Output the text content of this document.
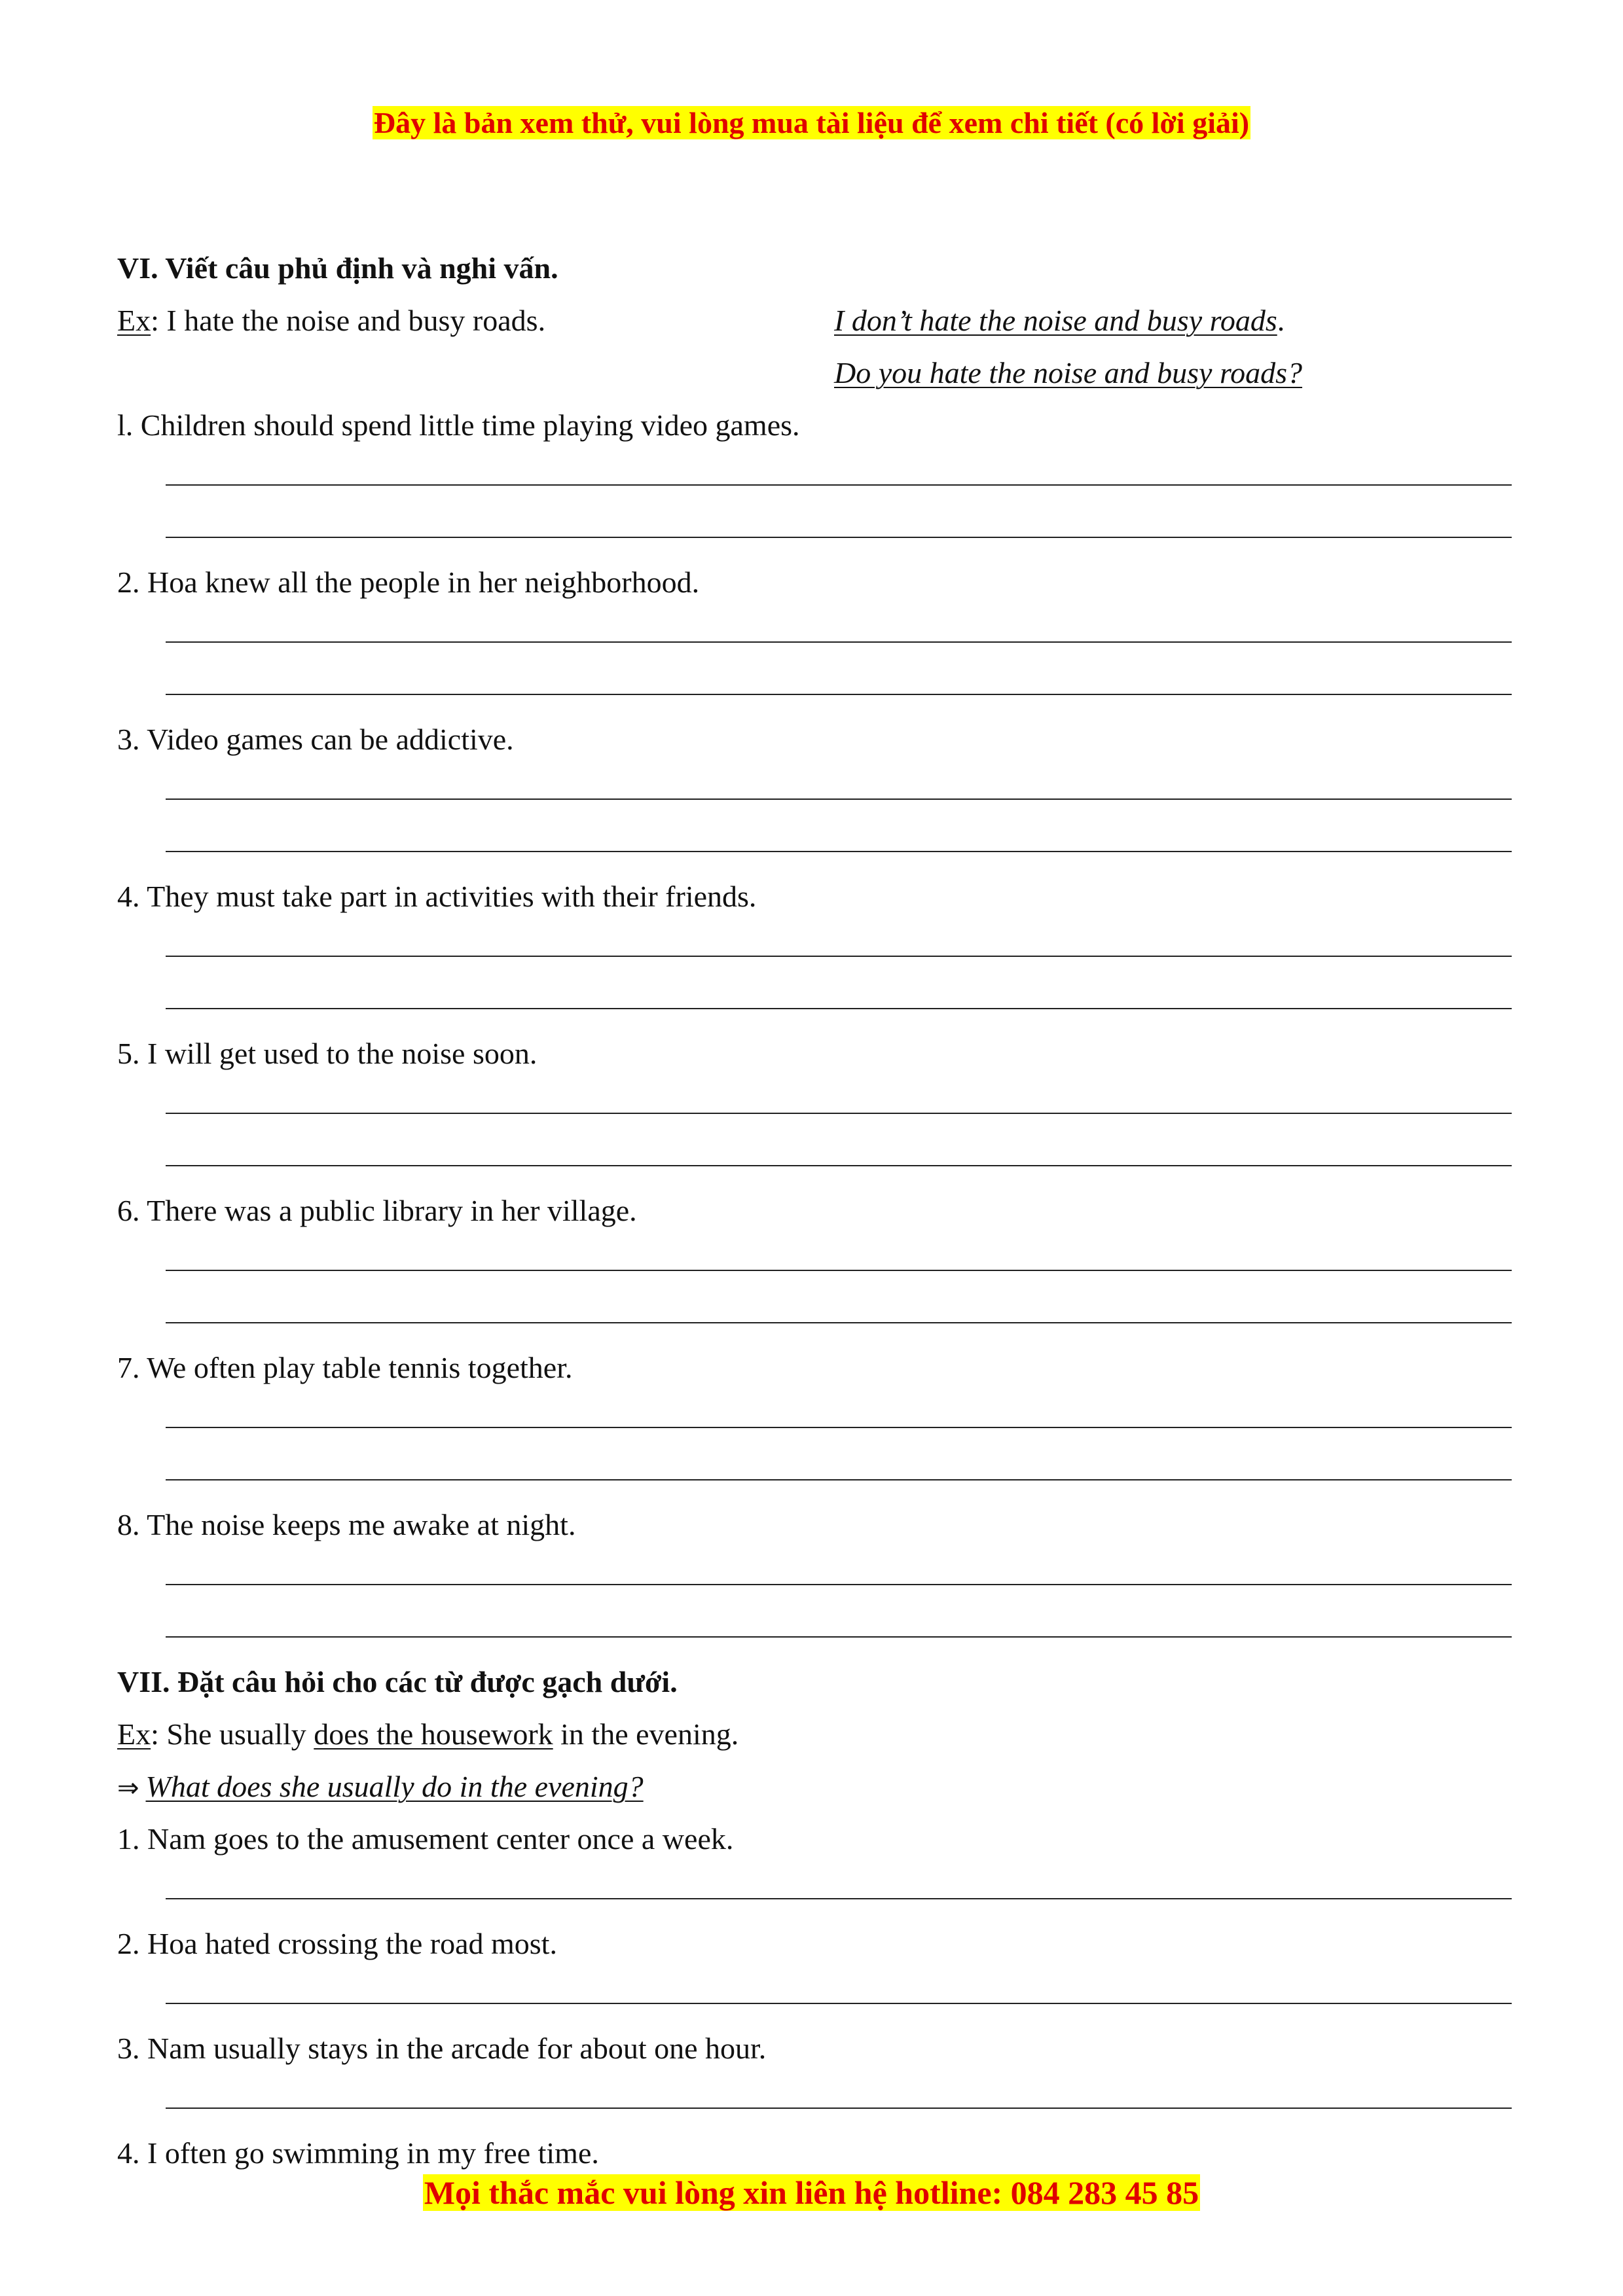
Đây là bản xem thử, vui lòng mua tài liệu để xem chi tiết (có lời giải)
VI. Viết câu phủ định và nghi vấn.
Ex: I hate the noise and busy roads.	I don’t hate the noise and busy roads.
Do you hate the noise and busy roads?
l. Children should spend little time playing video games.
2. Hoa knew all the people in her neighborhood.
3. Video games can be addictive.
4. They must take part in activities with their friends.
5. I will get used to the noise soon.
6. There was a public library in her village.
7. We often play table tennis together.
8. The noise keeps me awake at night.
VII. Đặt câu hỏi cho các từ được gạch dưới.
Ex: She usually does the housework in the evening.
⇒ What does she usually do in the evening?
1. Nam goes to the amusement center once a week.
2. Hoa hated crossing the road most.
3. Nam usually stays in the arcade for about one hour.
4. I often go swimming in my free time.
Mọi thắc mắc vui lòng xin liên hệ hotline: 084 283 45 85
